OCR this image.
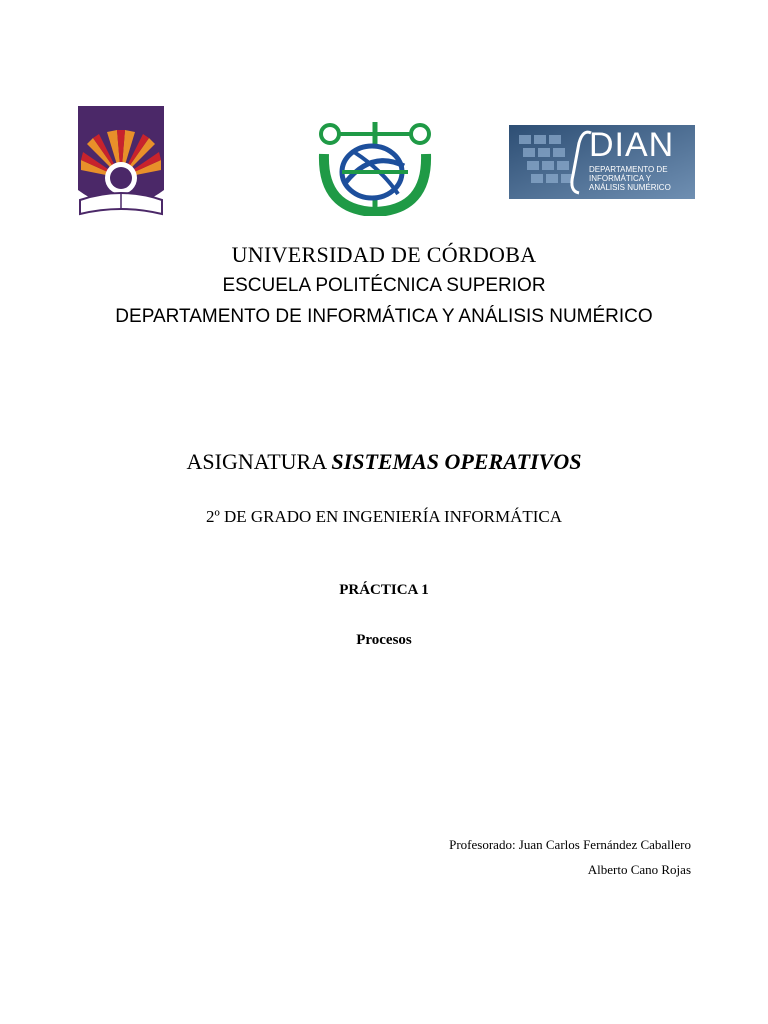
DIAN
DEPARTAMENTO DE
INFORMÁTICA Y
ANÁLISIS NUMÉRICO
UNIVERSIDAD DE CÓRDOBA
ESCUELA POLITÉCNICA SUPERIOR
DEPARTAMENTO DE INFORMÁTICA Y ANÁLISIS NUMÉRICO
ASIGNATURA SISTEMAS OPERATIVOS
2º DE GRADO EN INGENIERÍA INFORMÁTICA
PRÁCTICA 1
Procesos
Profesorado: Juan Carlos Fernández Caballero
Alberto Cano Rojas
